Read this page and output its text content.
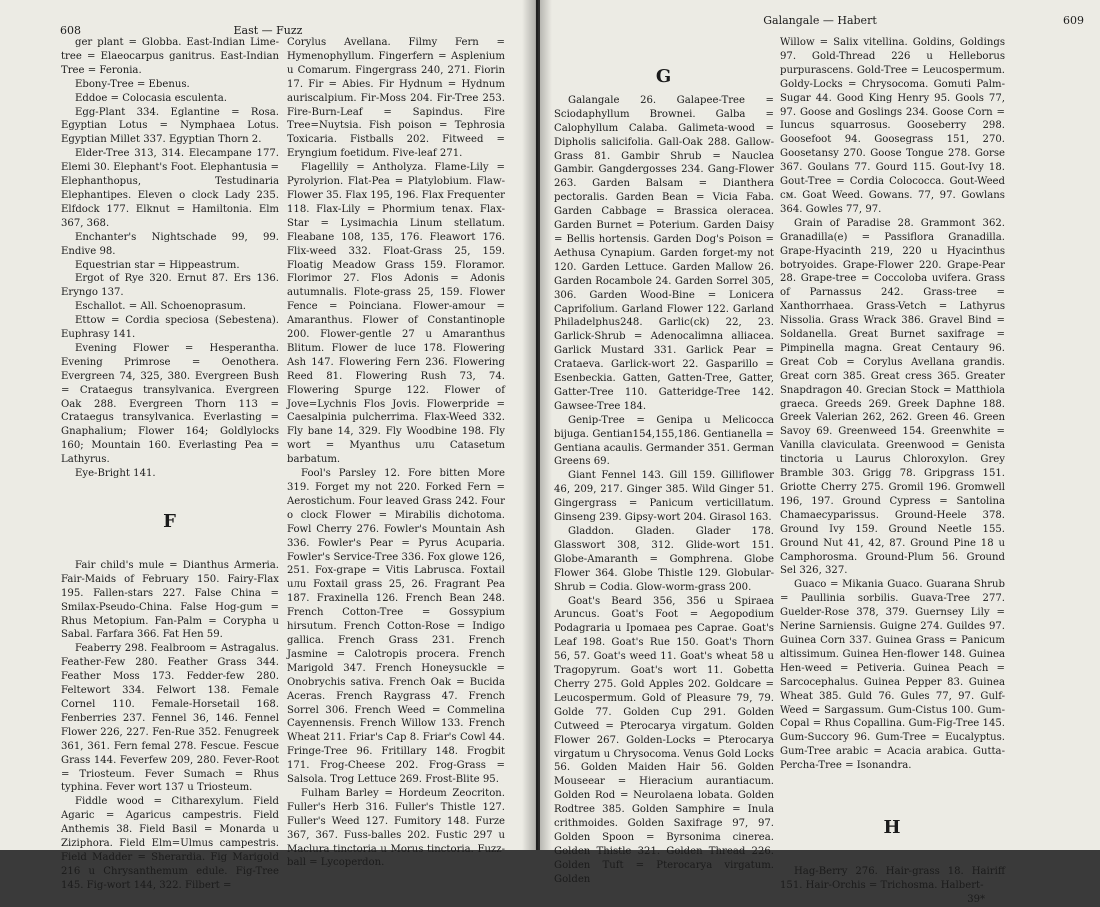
608	East — Fuzz

ger plant = Globba. East-Indian Lime-tree = Elaeocarpus ganitrus. East-Indian Tree = Feronia.

Ebony-Tree = Ebenus.

Eddoe = Colocasia esculenta.

Egg-Plant 334. Eglantine = Rosa. Egyptian Lotus = Nymphaea Lotus. Egyptian Millet 337. Egyptian Thorn 2.

Elder-Tree 313, 314. Elecampane 177. Elemi 30. Elephant's Foot. Elephantusia = Elephanthopus, Testudinaria Elephantipes. Eleven o clock Lady 235. Elfdock 177. Elknut = Hamiltonia. Elm 367, 368.

Enchanter's Nightschade 99, 99. Endive 98.

Equestrian star = Hippeastrum.

Ergot of Rye 320. Ernut 87. Ers 136. Eryngo 137.

Eschallot. = All. Schoenoprasum.

Ettow = Cordia speciosa (Sebestena). Euphrasy 141.

Evening Flower = Hesperantha. Evening Primrose = Oenothera. Evergreen 74, 325, 380. Evergreen Bush = Crataegus transylvanica. Evergreen Oak 288. Evergreen Thorn 113 = Crataegus transylvanica. Everlasting = Gnaphalium; Flower 164; Goldlylocks 160; Mountain 160. Everlasting Pea = Lathyrus.

Eye-Bright 141.

F

Fair child's mule = Dianthus Armeria. Fair-Maids of February 150. Fairy-Flax 195. Fallen-stars 227. False China = Smilax-Pseudo-China. False Hog-gum = Rhus Metopium. Fan-Palm = Corypha u Sabal. Farfara 366. Fat Hen 59.

Feaberry 298. Fealbroom = Astragalus. Feather-Few 280. Feather Grass 344. Feather Moss 173. Fedder-few 280. Feltewort 334. Felwort 138. Female Cornel 110. Female-Horsetail 168. Fenberries 237. Fennel 36, 146. Fennel Flower 226, 227. Fen-Rue 352. Fenugreek 361, 361. Fern femal 278. Fescue. Fescue Grass 144. Feverfew 209, 280. Fever-Root = Triosteum. Fever Sumach = Rhus typhina. Fever wort 137 u Triosteum.

Fiddle wood = Citharexylum. Field Agaric = Agaricus campestris. Field Anthemis 38. Field Basil = Monarda u Ziziphora. Field Elm=Ulmus campestris. Field Madder = Sherardia. Fig Marigold 216 u Chrysanthemum edule. Fig-Tree 145. Fig-wort 144, 322. Filbert =

Corylus Avellana. Filmy Fern = Hymenophyllum. Fingerfern = Asplenium u Comarum. Fingergrass 240, 271. Fiorin 17. Fir = Abies. Fir Hydnum = Hydnum auriscalpium. Fir-Moss 204. Fir-Tree 253. Fire-Burn-Leaf = Sapindus. Fire Tree=Nuytsia. Fish poison = Tephrosia Toxicaria. Fistballs 202. Fitweed = Eryngium foetidum. Five-leaf 271.

Flagellily = Antholyza. Flame-Lily = Pyrolyrion. Flat-Pea = Platylobium. Flaw-Flower 35. Flax 195, 196. Flax Frequenter 118. Flax-Lily = Phormium tenax. Flax-Star = Lysimachia Linum stellatum. Fleabane 108, 135, 176. Fleawort 176. Flix-weed 332. Float-Grass 25, 159. Floatig Meadow Grass 159. Floramor. Florimor 27. Flos Adonis = Adonis autumnalis. Flote-grass 25, 159. Flower Fence = Poinciana. Flower-amour = Amaranthus. Flower of Constantinople 200. Flower-gentle 27 u Amaranthus Blitum. Flower de luce 178. Flowering Ash 147. Flowering Fern 236. Flowering Reed 81. Flowering Rush 73, 74. Flowering Spurge 122. Flower of Jove=Lychnis Flos Jovis. Flowerpride = Caesalpinia pulcherrima. Flax-Weed 332. Fly bane 14, 329. Fly Woodbine 198. Fly wort = Myanthus uлu Catasetum barbatum.

Fool's Parsley 12. Fore bitten More 319. Forget my not 220. Forked Fern = Aerostichum. Four leaved Grass 242. Four o clock Flower = Mirabilis dichotoma. Fowl Cherry 276. Fowler's Mountain Ash 336. Fowler's Pear = Pyrus Acuparia. Fowler's Service-Tree 336. Fox glowe 126, 251. Fox-grape = Vitis Labruscа. Foxtail uлu Foxtail grass 25, 26. Fragrant Pea 187. Fraxinella 126. French Bean 248. French Cotton-Tree = Gossypium hirsutum. French Cotton-Rose = Indigo gallica. French Grass 231. French Jasmine = Calotropis procera. French Marigold 347. French Honeysuckle = Onobrychis sativa. French Oak = Bucida Aceras. French Raygrass 47. French Sorrel 306. French Weed = Commelina Cayennensis. French Willow 133. French Wheat 211. Friar's Cap 8. Friar's Cowl 44. Fringe-Tree 96. Fritillary 148. Frogbit 171. Frog-Cheese 202. Frog-Grass = Salsola. Trog Lettuce 269. Frost-Blite 95.

Fulham Barley = Hordeum Zeocriton. Fuller's Herb 316. Fuller's Thistle 127. Fuller's Weed 127. Fumitory 148. Furze 367, 367. Fuss-balles 202. Fustic 297 u Maclura tinctoria u Morus tinctoria. Fuzz-ball = Lycoperdon.

Galangale — Habert	609
G

Galangale 26. Galapee-Tree = Sciodaphyllum Brownei. Galba = Calophyllum Calaba. Galimeta-wood = Dipholis salicifolia. Gall-Oak 288. Gallow-Grass 81. Gambir Shrub = Nauclea Gambir. Gangdergosses 234. Gang-Flower 263. Garden Balsam = Dianthera pectoralis. Garden Bean = Vicia Faba. Garden Cabbage = Brassica oleracea. Garden Burnet = Poterium. Garden Daisy = Bellis hortensis. Garden Dog's Poison = Aethusa Cynapium. Garden forget-my not 120. Garden Lettuce. Garden Mallow 26. Garden Rocambole 24. Garden Sorrel 305, 306. Garden Wood-Bine = Lonicera Caprifolium. Garland Flower 122. Garland Philadelphus248. Garlic(ck) 22, 23. Garlick-Shrub = Adenocalimna alliacea. Garlick Mustard 331. Garlick Pear = Crataeva. Garlick-wort 22. Gasparillo = Esenbeckia. Gatten, Gatten-Tree, Gatter, Gatter-Tree 110. Gatteridge-Tree 142. Gawsee-Tree 184.

Genip-Tree = Genipa u Melicocca bijuga. Gentian154,155,186. Gentianella = Gentiana acaulis. Germander 351. German Greens 69.

Giant Fennel 143. Gill 159. Gilliflower 46, 209, 217. Ginger 385. Wild Ginger 51. Gingergrass = Panicum verticillatum. Ginseng 239. Gipsy-wort 204. Girasol 163.

Gladdon. Gladen. Glader 178. Glasswort 308, 312. Glide-wort 151. Globe-Amaranth = Gomphrena. Globe Flower 364. Globe Thistle 129. Globular-Shrub = Codia. Glow-worm-grass 200.

Goat's Beard 356, 356 u Spiraea Aruncus. Goat's Foot = Aegopodium Podagraria u Ipomaea pes Caprae. Goat's Leaf 198. Goat's Rue 150. Goat's Thorn 56, 57. Goat's weed 11. Goat's wheat 58 u Tragopyrum. Goat's wort 11. Gobetta Cherry 275. Gold Apples 202. Goldcare = Leucospermum. Gold of Pleasure 79, 79. Golde 77. Golden Cup 291. Golden Cutweed = Pterocarya virgatum. Golden Flower 267. Golden-Locks = Pterocarya virgatum u Chrysocoma. Venus Gold Locks 56. Golden Maiden Hair 56. Golden Mouseear = Hieracium aurantiacum. Golden Rod = Neurolaena lobata. Golden Rodtree 385. Golden Samphire = Inula crithmoides. Golden Saxifrage 97, 97. Golden Spoon = Byrsonima cinerea. Golden Thistle 321. Golden Thread 226. Golden Tuft = Pterocarya virgatum. Golden

Willow = Salix vitellina. Goldins, Goldings 97. Gold-Thread 226 u Helleborus purpurascens. Gold-Tree = Leucospermum. Goldy-Locks = Chrysocoma. Gomuti Palm-Sugar 44. Good King Henry 95. Gools 77, 97. Goose and Goslings 234. Goose Corn = Iuncus squarrosus. Gooseberry 298. Goosefoot 94. Goosegrass 151, 270. Goosetansy 270. Goose Tongue 278. Gorse 367. Goulans 77. Gourd 115. Gout-Ivy 18. Gout-Tree = Cordia Colococca. Gout-Weed cм. Goat Weed. Gowans. 77, 97. Gowlans 364. Gowles 77, 97.

Grain of Paradise 28. Grammont 362. Granadilla(e) = Passiflora Granadilla. Grape-Hyacinth 219, 220 u Hyacinthus botryoides. Grape-Flower 220. Grape-Pear 28. Grape-tree = Coccoloba uvifera. Grass of Parnassus 242. Grass-tree = Xanthorrhaea. Grass-Vetch = Lathyrus Nissolia. Grass Wrack 386. Gravel Bind = Soldanella. Great Burnet saxifrage = Pimpinella magna. Great Centaury 96. Great Cob = Corylus Avellana grandis. Great corn 385. Great cress 365. Greater Snapdragon 40. Grecian Stock = Matthiola graeca. Greeds 269. Greek Daphne 188. Greek Valerian 262, 262. Green 46. Green Savoy 69. Greenweed 154. Greenwhite = Vanilla claviculata. Greenwood = Genista tinctoria u Laurus Chloroxylon. Grey Bramble 303. Grigg 78. Gripgrass 151. Griotte Cherry 275. Gromil 196. Gromwell 196, 197. Ground Cypress = Santolina Chamaecyparissus. Ground-Heele 378. Ground Ivy 159. Ground Neetle 155. Ground Nut 41, 42, 87. Ground Pine 18 u Camphorosma. Ground-Plum 56. Ground Sel 326, 327.

Guaco = Mikania Guaco. Guarana Shrub = Paullinia sorbilis. Guava-Tree 277. Guelder-Rose 378, 379. Guernsey Lily = Nerine Sarniensis. Guigne 274. Guildes 97. Guinea Corn 337. Guinea Grass = Panicum altissimum. Guinea Hen-flower 148. Guinea Hen-weed = Petiveria. Guinea Peach = Sarcocephalus. Guinea Pepper 83. Guinea Wheat 385. Guld 76. Gules 77, 97. Gulf-Weed = Sargassum. Gum-Cistus 100. Gum-Copal = Rhus Copallina. Gum-Fig-Tree 145. Gum-Succory 96. Gum-Tree = Eucalyptus. Gum-Tree arabic = Acacia arabica. Gutta-Percha-Tree = Isonandra.

H

Hag-Berry 276. Hair-grass 18. Hairiff 151. Hair-Orchis = Trichosma. Halbert-

39*
